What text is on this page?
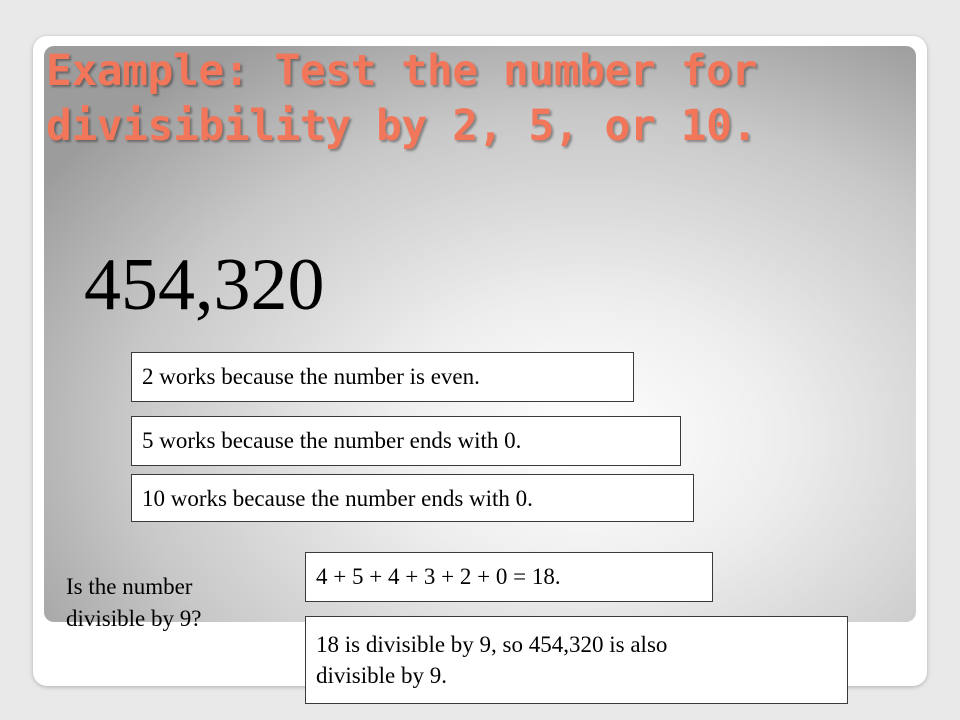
Example: Test the number for divisibility by 2, 5, or 10.
454,320
2 works because the number is even.
5 works because the number ends with 0.
10 works because the number ends with 0.
Is the number
divisible by 9?
4 + 5 + 4 + 3 + 2 + 0 = 18.
18 is divisible by 9, so 454,320 is also
divisible by 9.
